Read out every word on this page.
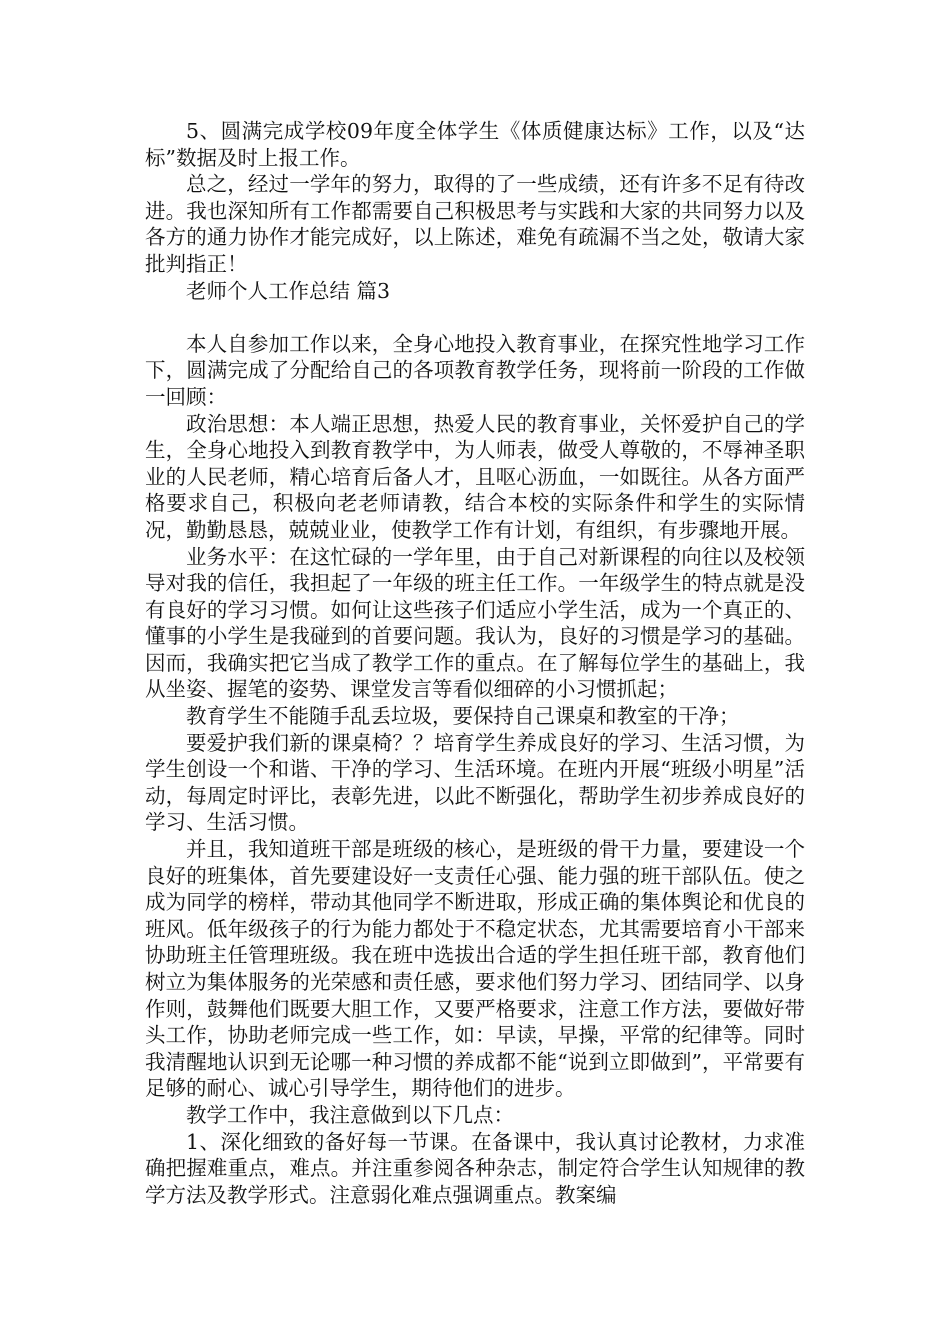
5、圆满完成学校09年度全体学生《体质健康达标》工作，以及“达标”数据及时上报工作。

总之，经过一学年的努力，取得的了一些成绩，还有许多不足有待改进。我也深知所有工作都需要自己积极思考与实践和大家的共同努力以及各方的通力协作才能完成好，以上陈述，难免有疏漏不当之处，敬请大家批判指正！

老师个人工作总结 篇3

本人自参加工作以来，全身心地投入教育事业，在探究性地学习工作下，圆满完成了分配给自己的各项教育教学任务，现将前一阶段的工作做一回顾：

政治思想：本人端正思想，热爱人民的教育事业，关怀爱护自己的学生，全身心地投入到教育教学中，为人师表，做受人尊敬的，不辱神圣职业的人民老师，精心培育后备人才，且呕心沥血，一如既往。从各方面严格要求自己，积极向老老师请教，结合本校的实际条件和学生的实际情况，勤勤恳恳，兢兢业业，使教学工作有计划，有组织，有步骤地开展。

业务水平：在这忙碌的一学年里，由于自己对新课程的向往以及校领导对我的信任，我担起了一年级的班主任工作。一年级学生的特点就是没有良好的学习习惯。如何让这些孩子们适应小学生活，成为一个真正的、懂事的小学生是我碰到的首要问题。我认为，良好的习惯是学习的基础。因而，我确实把它当成了教学工作的重点。在了解每位学生的基础上，我从坐姿、握笔的姿势、课堂发言等看似细碎的小习惯抓起；

教育学生不能随手乱丢垃圾，要保持自己课桌和教室的干净；

要爱护我们新的课桌椅？？培育学生养成良好的学习、生活习惯，为学生创设一个和谐、干净的学习、生活环境。在班内开展“班级小明星”活动，每周定时评比，表彰先进，以此不断强化，帮助学生初步养成良好的学习、生活习惯。

并且，我知道班干部是班级的核心，是班级的骨干力量，要建设一个良好的班集体，首先要建设好一支责任心强、能力强的班干部队伍。使之成为同学的榜样，带动其他同学不断进取，形成正确的集体舆论和优良的班风。低年级孩子的行为能力都处于不稳定状态，尤其需要培育小干部来协助班主任管理班级。我在班中选拔出合适的学生担任班干部，教育他们树立为集体服务的光荣感和责任感，要求他们努力学习、团结同学、以身作则，鼓舞他们既要大胆工作，又要严格要求，注意工作方法，要做好带头工作，协助老师完成一些工作，如：早读，早操，平常的纪律等。同时我清醒地认识到无论哪一种习惯的养成都不能“说到立即做到”，平常要有足够的耐心、诚心引导学生，期待他们的进步。

教学工作中，我注意做到以下几点：

1、深化细致的备好每一节课。在备课中，我认真讨论教材，力求准确把握难重点，难点。并注重参阅各种杂志，制定符合学生认知规律的教学方法及教学形式。注意弱化难点强调重点。教案编
